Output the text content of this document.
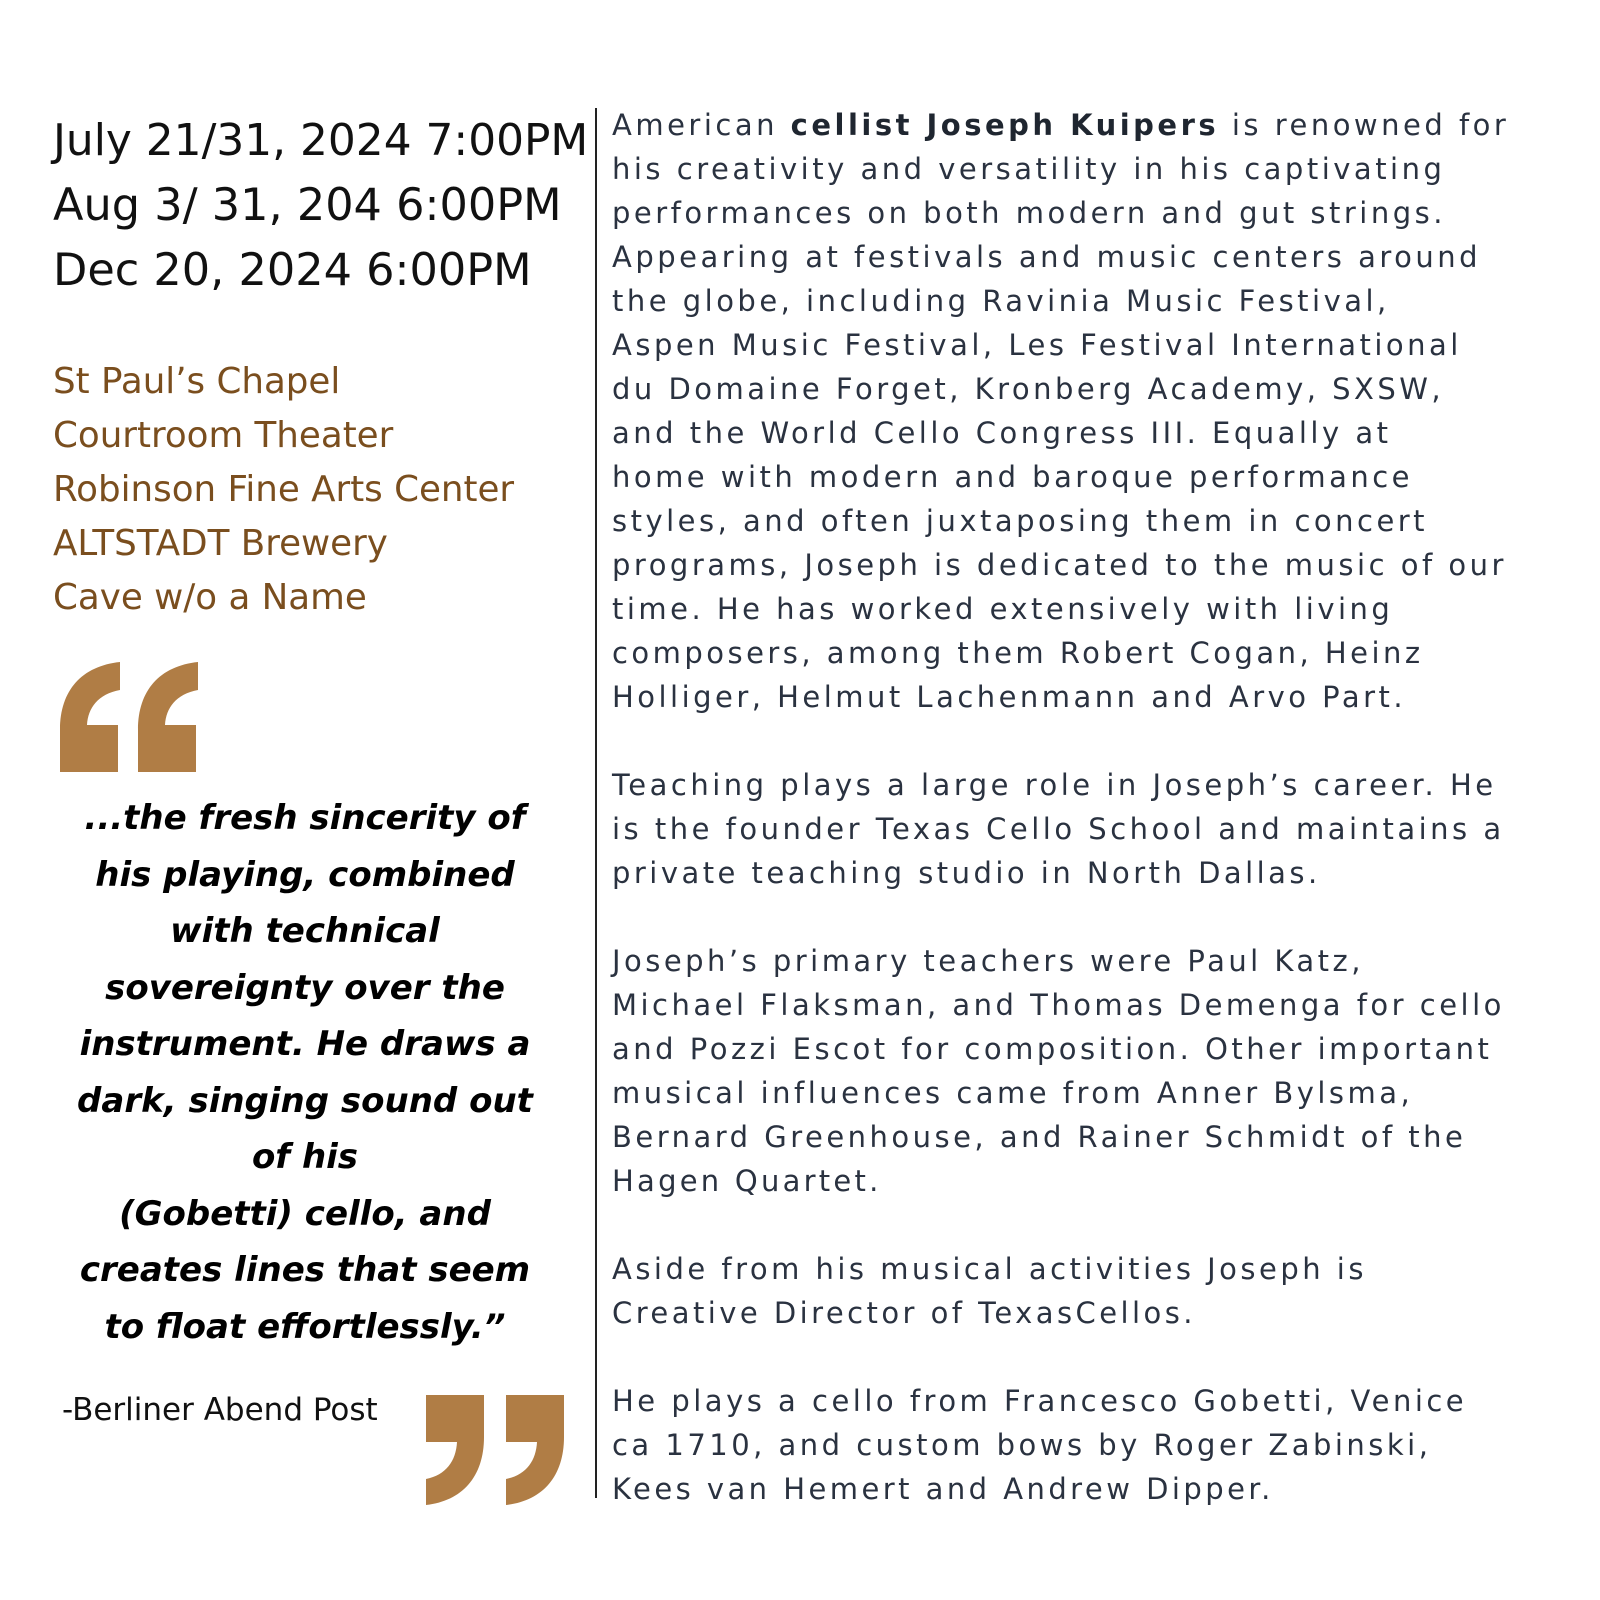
July 21/31, 2024 7:00PM
Aug 3/ 31, 204 6:00PM
Dec 20, 2024 6:00PM
St Paul’s Chapel
Courtroom Theater
Robinson Fine Arts Center
ALTSTADT Brewery
Cave w/o a Name
...the fresh sincerity of
his playing, combined
with technical
sovereignty over the
instrument. He draws a
dark, singing sound out
of his
(Gobetti) cello, and
creates lines that seem
to float effortlessly.”
-Berliner Abend Post
American cellist Joseph Kuipers is renowned for
his creativity and versatility in his captivating
performances on both modern and gut strings.
Appearing at festivals and music centers around
the globe, including Ravinia Music Festival,
Aspen Music Festival, Les Festival International
du Domaine Forget, Kronberg Academy, SXSW,
and the World Cello Congress III. Equally at
home with modern and baroque performance
styles, and often juxtaposing them in concert
programs, Joseph is dedicated to the music of our
time. He has worked extensively with living
composers, among them Robert Cogan, Heinz
Holliger, Helmut Lachenmann and Arvo Part.
Teaching plays a large role in Joseph’s career. He
is the founder Texas Cello School and maintains a
private teaching studio in North Dallas.
Joseph’s primary teachers were Paul Katz,
Michael Flaksman, and Thomas Demenga for cello
and Pozzi Escot for composition. Other important
musical influences came from Anner Bylsma,
Bernard Greenhouse, and Rainer Schmidt of the
Hagen Quartet.
Aside from his musical activities Joseph is
Creative Director of TexasCellos.
He plays a cello from Francesco Gobetti, Venice
ca 1710, and custom bows by Roger Zabinski,
Kees van Hemert and Andrew Dipper.
